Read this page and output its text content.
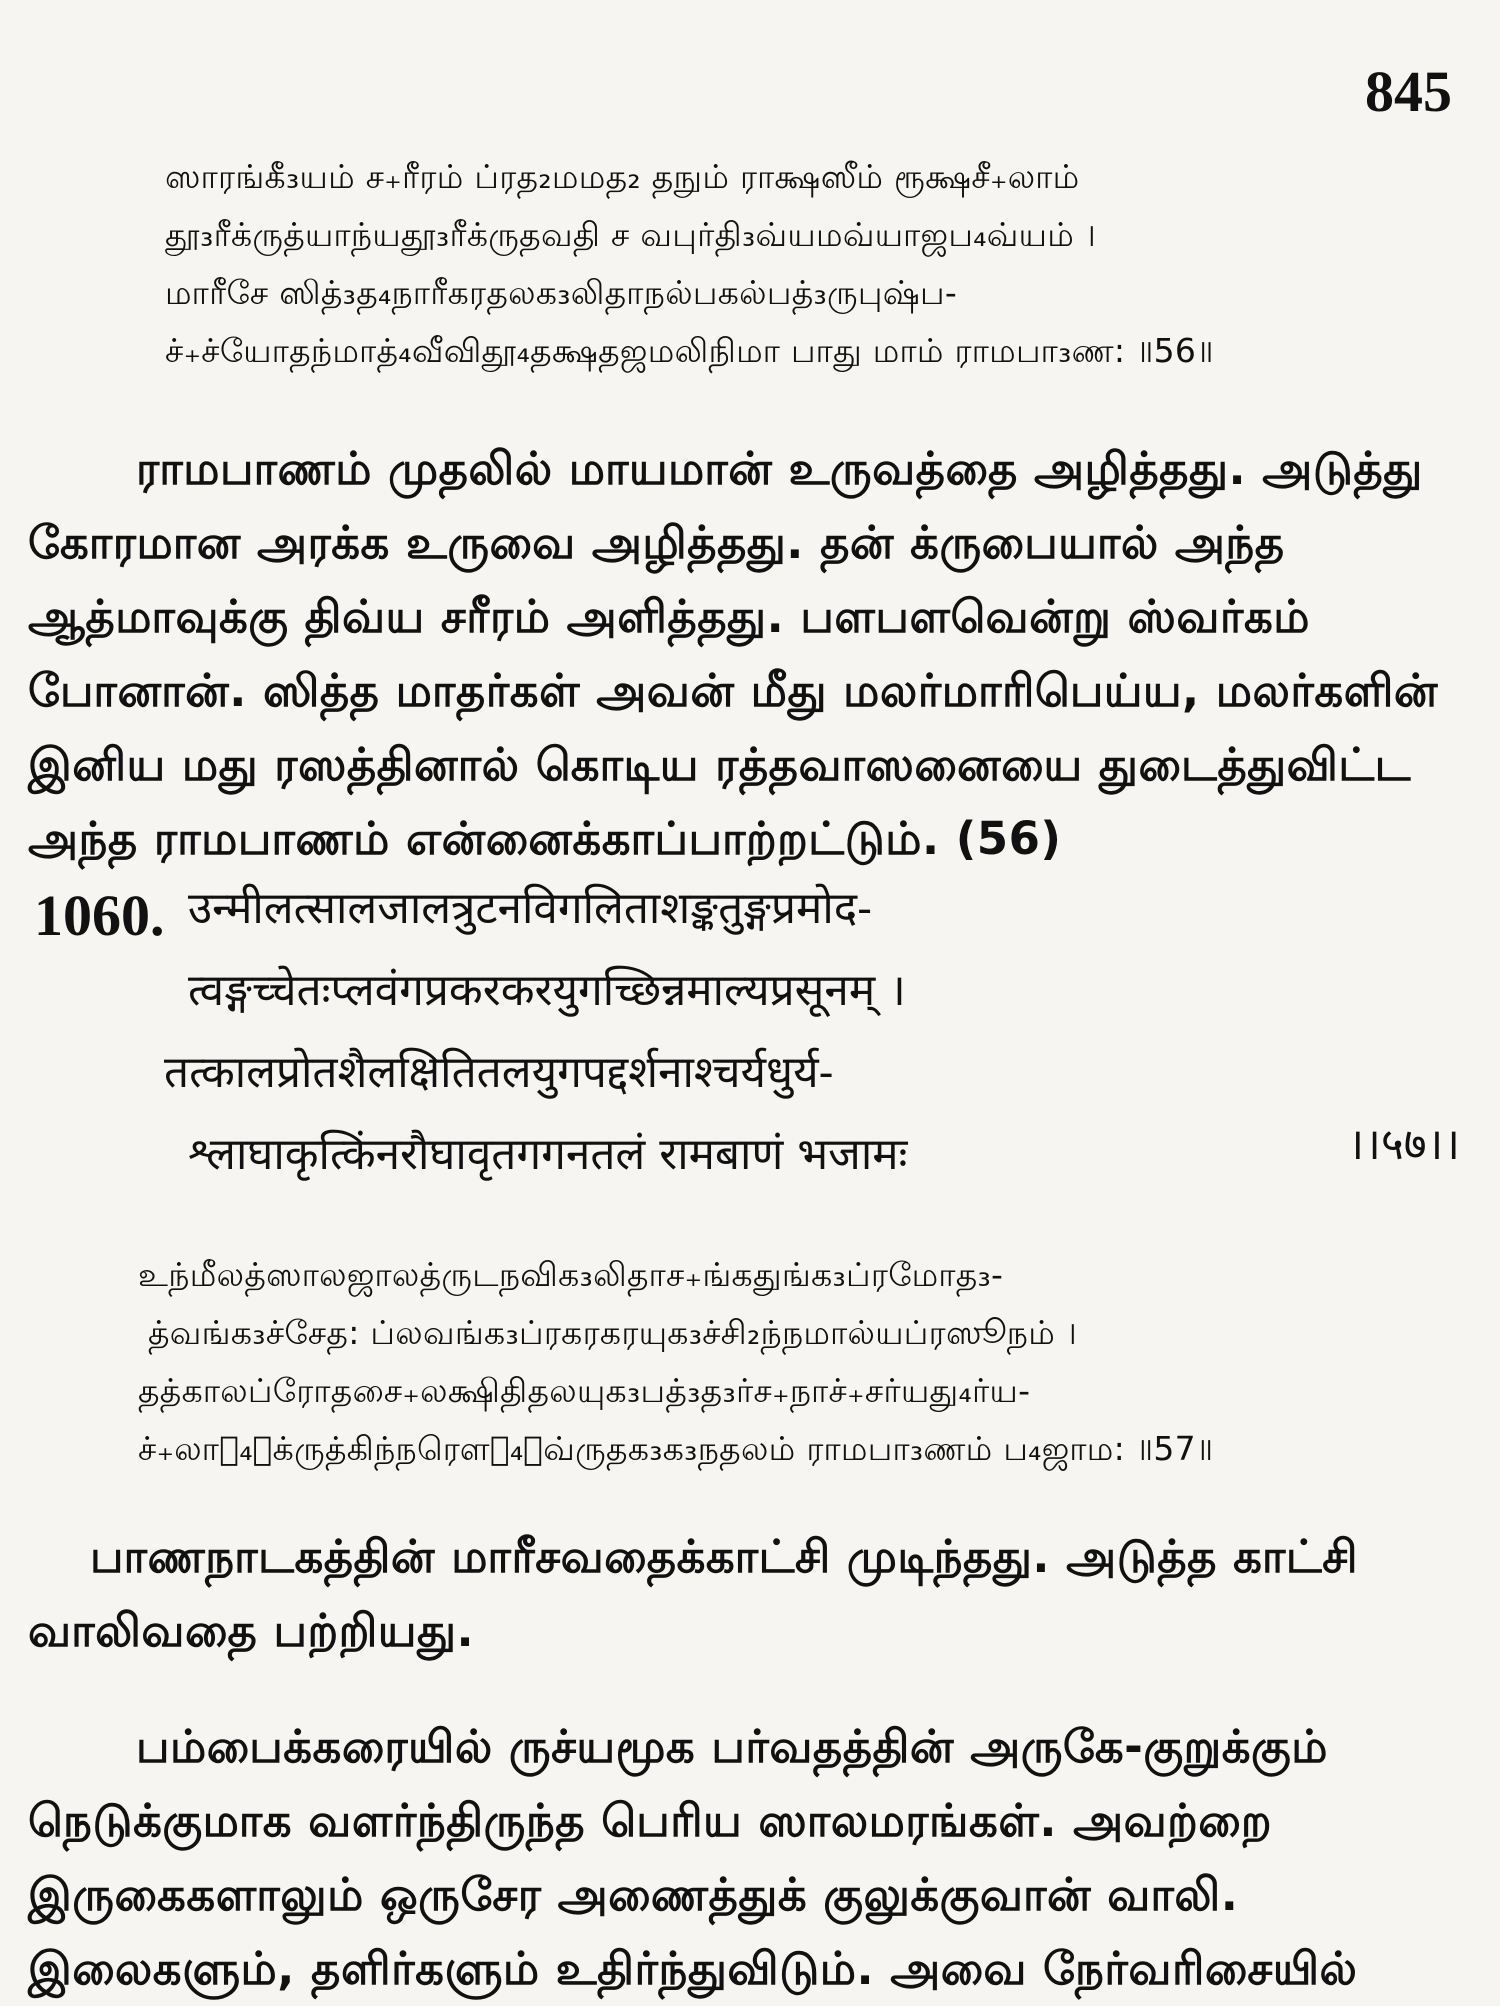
845
ஸாரங்கீ₃யம் ச₊ரீரம் ப்ரத₂மமத₂ தநும் ராக்ஷஸீம் ரூக்ஷசீ₊லாம்
தூ₃ரீக்ருத்யாந்யதூ₃ரீக்ருதவதி ச வபுர்தி₃வ்யமவ்யாஜப₄வ்யம் ।
மாரீசே ஸித்₃த₄நாரீகரதலக₃லிதாநல்பகல்பத்₃ருபுஷ்ப-
ச்₊ச்யோதந்மாத்₄வீவிதூ₄தக்ஷதஜமலிநிமா பாது மாம் ராமபா₃ண: ॥56॥
ராமபாணம் முதலில் மாயமான் உருவத்தை அழித்தது. அடுத்து
கோரமான அரக்க உருவை அழித்தது. தன் க்ருபையால் அந்த
ஆத்மாவுக்கு திவ்ய சரீரம் அளித்தது. பளபளவென்று ஸ்வர்கம்
போனான். ஸித்த மாதர்கள் அவன் மீது மலர்மாரிபெய்ய, மலர்களின்
இனிய மது ரஸத்தினால் கொடிய ரத்தவாஸனையை துடைத்துவிட்ட
அந்த ராமபாணம் என்னைக்காப்பாற்றட்டும். (56)
1060. उन्मीलत्सालजालत्रुटनविगलिताशङ्कतुङ्गप्रमोद-
त्वङ्गच्चेतःप्लवंगप्रकरकरयुगच्छिन्नमाल्यप्रसूनम् ।
तत्कालप्रोतशैलक्षितितलयुगपद्दर्शनाश्चर्यधुर्य-
श्लाघाकृत्किंनरौघावृतगगनतलं रामबाणं भजामः	।।५७।।
உந்மீலத்ஸாலஜாலத்ருடநவிக₃லிதாச₊ங்கதுங்க₃ப்ரமோத₃-
த்வங்க₃ச்சேத: ப்லவங்க₃ப்ரகரகரயுக₃ச்சி₂ந்நமால்யப்ரஸூநம் ।
தத்காலப்ரோதசை₊லக்ஷிதிதலயுக₃பத்₃த₃ர்ச₊நாச்₊சர்யது₄ர்ய-
ச்₊லாக₄ாக்ருத்கிந்நரௌக₄ாவ்ருதக₃க₃நதலம் ராமபா₃ணம் ப₄ஜாம: ॥57॥
பாணநாடகத்தின் மாரீசவதைக்காட்சி முடிந்தது. அடுத்த காட்சி
வாலிவதை பற்றியது.
பம்பைக்கரையில் ருச்யமூக பர்வதத்தின் அருகே-குறுக்கும்
நெடுக்குமாக வளர்ந்திருந்த பெரிய ஸாலமரங்கள். அவற்றை
இருகைகளாலும் ஒருசேர அணைத்துக் குலுக்குவான் வாலி.
இலைகளும், தளிர்களும் உதிர்ந்துவிடும். அவை நேர்வரிசையில்
